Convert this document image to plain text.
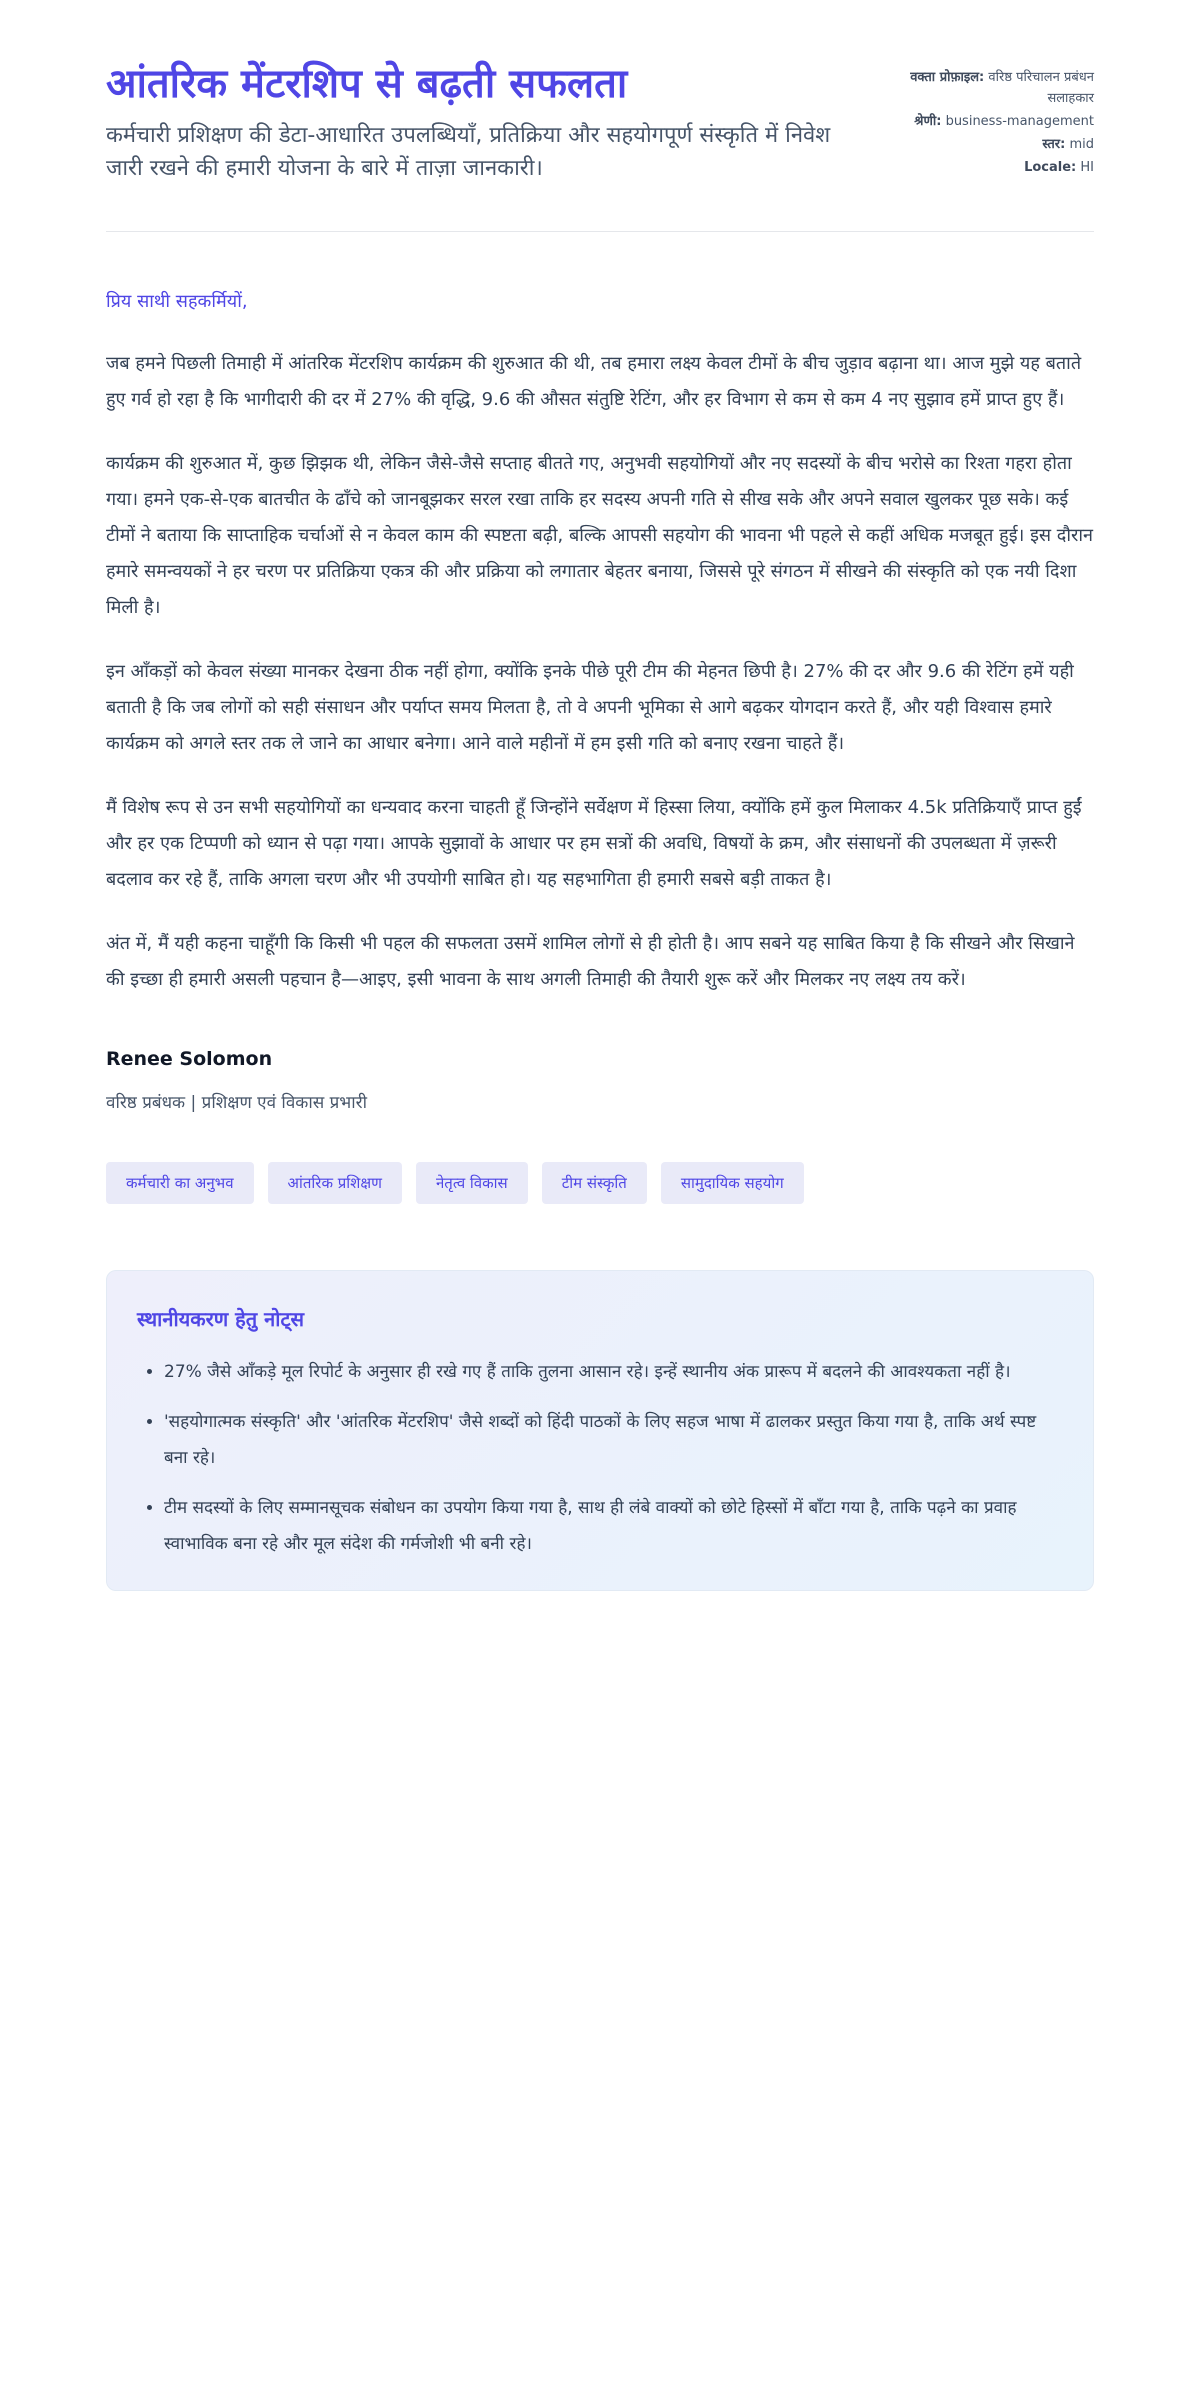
आंतरिक मेंटरशिप से बढ़ती सफलता

कर्मचारी प्रशिक्षण की डेटा-आधारित उपलब्धियाँ, प्रतिक्रिया और सहयोगपूर्ण संस्कृति में निवेश जारी रखने की हमारी योजना के बारे में ताज़ा जानकारी।

वक्ता प्रोफ़ाइल: वरिष्ठ परिचालन प्रबंधन सलाहकार
श्रेणी: business-management
स्तर: mid
Locale: HI

प्रिय साथी सहकर्मियों,

जब हमने पिछली तिमाही में आंतरिक मेंटरशिप कार्यक्रम की शुरुआत की थी, तब हमारा लक्ष्य केवल टीमों के बीच जुड़ाव बढ़ाना था। आज मुझे यह बताते हुए गर्व हो रहा है कि भागीदारी की दर में 27% की वृद्धि, 9.6 की औसत संतुष्टि रेटिंग, और हर विभाग से कम से कम 4 नए सुझाव हमें प्राप्त हुए हैं।

कार्यक्रम की शुरुआत में, कुछ झिझक थी, लेकिन जैसे-जैसे सप्ताह बीतते गए, अनुभवी सहयोगियों और नए सदस्यों के बीच भरोसे का रिश्ता गहरा होता गया। हमने एक-से-एक बातचीत के ढाँचे को जानबूझकर सरल रखा ताकि हर सदस्य अपनी गति से सीख सके और अपने सवाल खुलकर पूछ सके। कई टीमों ने बताया कि साप्ताहिक चर्चाओं से न केवल काम की स्पष्टता बढ़ी, बल्कि आपसी सहयोग की भावना भी पहले से कहीं अधिक मजबूत हुई। इस दौरान हमारे समन्वयकों ने हर चरण पर प्रतिक्रिया एकत्र की और प्रक्रिया को लगातार बेहतर बनाया, जिससे पूरे संगठन में सीखने की संस्कृति को एक नयी दिशा मिली है।

इन आँकड़ों को केवल संख्या मानकर देखना ठीक नहीं होगा, क्योंकि इनके पीछे पूरी टीम की मेहनत छिपी है। 27% की दर और 9.6 की रेटिंग हमें यही बताती है कि जब लोगों को सही संसाधन और पर्याप्त समय मिलता है, तो वे अपनी भूमिका से आगे बढ़कर योगदान करते हैं, और यही विश्वास हमारे कार्यक्रम को अगले स्तर तक ले जाने का आधार बनेगा। आने वाले महीनों में हम इसी गति को बनाए रखना चाहते हैं।

मैं विशेष रूप से उन सभी सहयोगियों का धन्यवाद करना चाहती हूँ जिन्होंने सर्वेक्षण में हिस्सा लिया, क्योंकि हमें कुल मिलाकर 4.5k प्रतिक्रियाएँ प्राप्त हुईं और हर एक टिप्पणी को ध्यान से पढ़ा गया। आपके सुझावों के आधार पर हम सत्रों की अवधि, विषयों के क्रम, और संसाधनों की उपलब्धता में ज़रूरी बदलाव कर रहे हैं, ताकि अगला चरण और भी उपयोगी साबित हो। यह सहभागिता ही हमारी सबसे बड़ी ताकत है।

अंत में, मैं यही कहना चाहूँगी कि किसी भी पहल की सफलता उसमें शामिल लोगों से ही होती है। आप सबने यह साबित किया है कि सीखने और सिखाने की इच्छा ही हमारी असली पहचान है—आइए, इसी भावना के साथ अगली तिमाही की तैयारी शुरू करें और मिलकर नए लक्ष्य तय करें।

Renee Solomon

वरिष्ठ प्रबंधक | प्रशिक्षण एवं विकास प्रभारी

कर्मचारी का अनुभव	आंतरिक प्रशिक्षण	नेतृत्व विकास	टीम संस्कृति	सामुदायिक सहयोग
स्थानीयकरण हेतु नोट्स
• 27% जैसे आँकड़े मूल रिपोर्ट के अनुसार ही रखे गए हैं ताकि तुलना आसान रहे। इन्हें स्थानीय अंक प्रारूप में बदलने की आवश्यकता नहीं है।
• 'सहयोगात्मक संस्कृति' और 'आंतरिक मेंटरशिप' जैसे शब्दों को हिंदी पाठकों के लिए सहज भाषा में ढालकर प्रस्तुत किया गया है, ताकि अर्थ स्पष्ट बना रहे।
• टीम सदस्यों के लिए सम्मानसूचक संबोधन का उपयोग किया गया है, साथ ही लंबे वाक्यों को छोटे हिस्सों में बाँटा गया है, ताकि पढ़ने का प्रवाह स्वाभाविक बना रहे और मूल संदेश की गर्मजोशी भी बनी रहे।
